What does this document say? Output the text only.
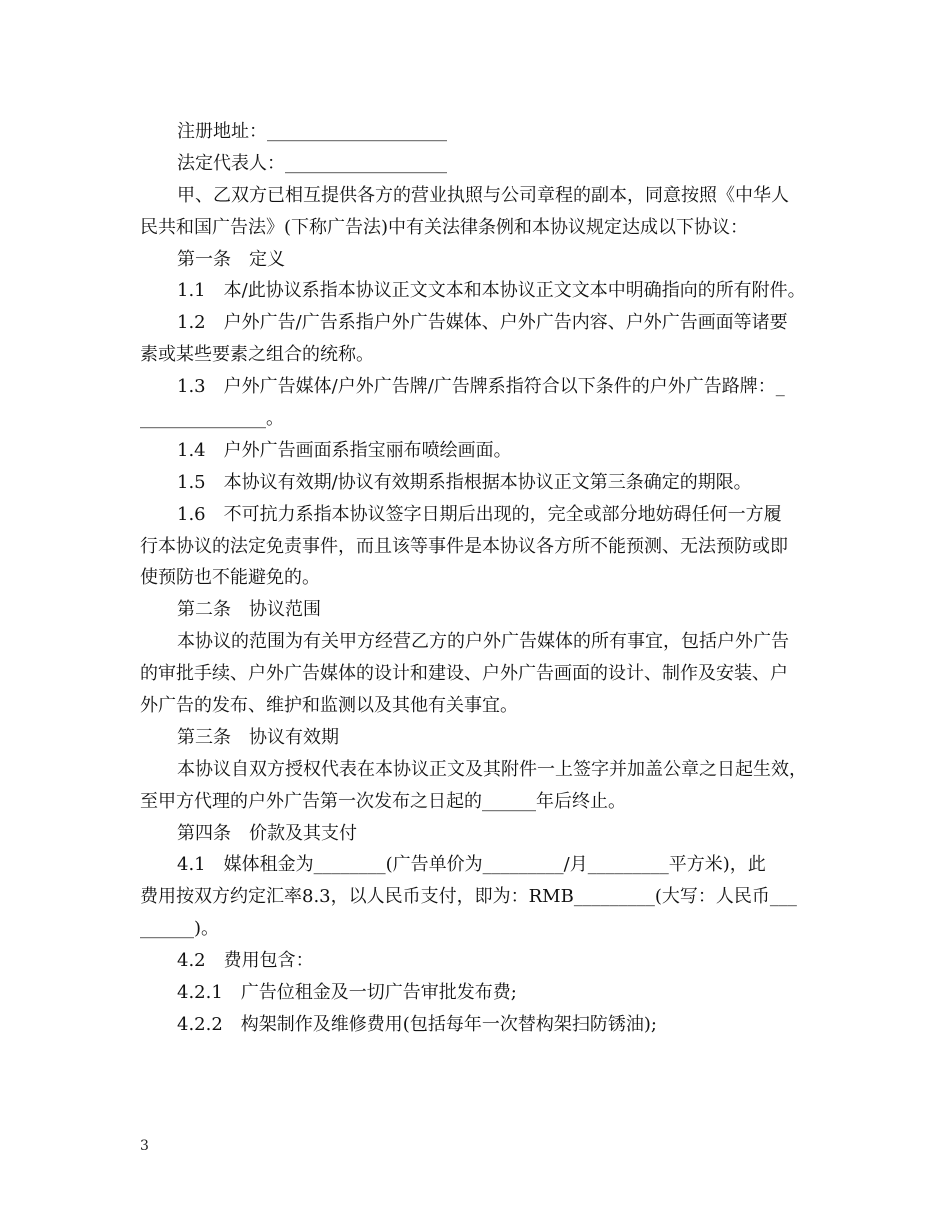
注册地址：____________________
法定代表人：__________________
甲、乙双方已相互提供各方的营业执照与公司章程的副本，同意按照《中华人
民共和国广告法》(下称广告法)中有关法律条例和本协议规定达成以下协议：
第一条　定义
1.1　本/此协议系指本协议正文文本和本协议正文文本中明确指向的所有附件。
1.2　户外广告/广告系指户外广告媒体、户外广告内容、户外广告画面等诸要
素或某些要素之组合的统称。
1.3　户外广告媒体/户外广告牌/广告牌系指符合以下条件的户外广告路牌：_
______________。
1.4　户外广告画面系指宝丽布喷绘画面。
1.5　本协议有效期/协议有效期系指根据本协议正文第三条确定的期限。
1.6　不可抗力系指本协议签字日期后出现的，完全或部分地妨碍任何一方履
行本协议的法定免责事件，而且该等事件是本协议各方所不能预测、无法预防或即
使预防也不能避免的。
第二条　协议范围
本协议的范围为有关甲方经营乙方的户外广告媒体的所有事宜，包括户外广告
的审批手续、户外广告媒体的设计和建设、户外广告画面的设计、制作及安装、户
外广告的发布、维护和监测以及其他有关事宜。
第三条　协议有效期
本协议自双方授权代表在本协议正文及其附件一上签字并加盖公章之日起生效，
至甲方代理的户外广告第一次发布之日起的______年后终止。
第四条　价款及其支付
4.1　媒体租金为________(广告单价为_________/月_________平方米)，此
费用按双方约定汇率8.3，以人民币支付，即为：RMB_________(大写：人民币___
______)。
4.2　费用包含：
4.2.1　广告位租金及一切广告审批发布费;
4.2.2　构架制作及维修费用(包括每年一次替构架扫防锈油);
3
